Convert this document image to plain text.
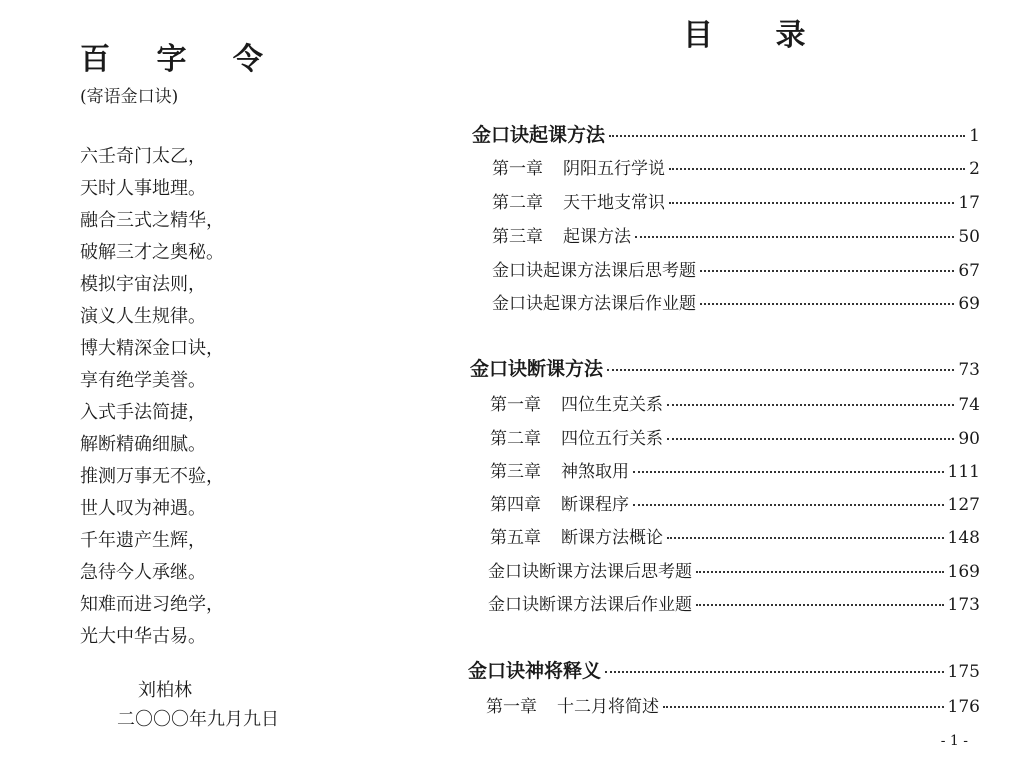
百 字 令
(寄语金口诀)
六壬奇门太乙，
天时人事地理。
融合三式之精华，
破解三才之奥秘。
模拟宇宙法则，
演义人生规律。
博大精深金口诀，
享有绝学美誉。
入式手法简捷，
解断精确细腻。
推测万事无不验，
世人叹为神遇。
千年遗产生辉，
急待今人承继。
知难而进习绝学，
光大中华古易。
刘柏林
二〇〇〇年九月九日
目 录
金口诀起课方法	1
第一章 阴阳五行学说	2
第二章 天干地支常识	17
第三章 起课方法	50
金口诀起课方法课后思考题	67
金口诀起课方法课后作业题	69
金口诀断课方法	73
第一章 四位生克关系	74
第二章 四位五行关系	90
第三章 神煞取用	111
第四章 断课程序	127
第五章 断课方法概论	148
金口诀断课方法课后思考题	169
金口诀断课方法课后作业题	173
金口诀神将释义	175
第一章 十二月将简述	176
- 1 -
